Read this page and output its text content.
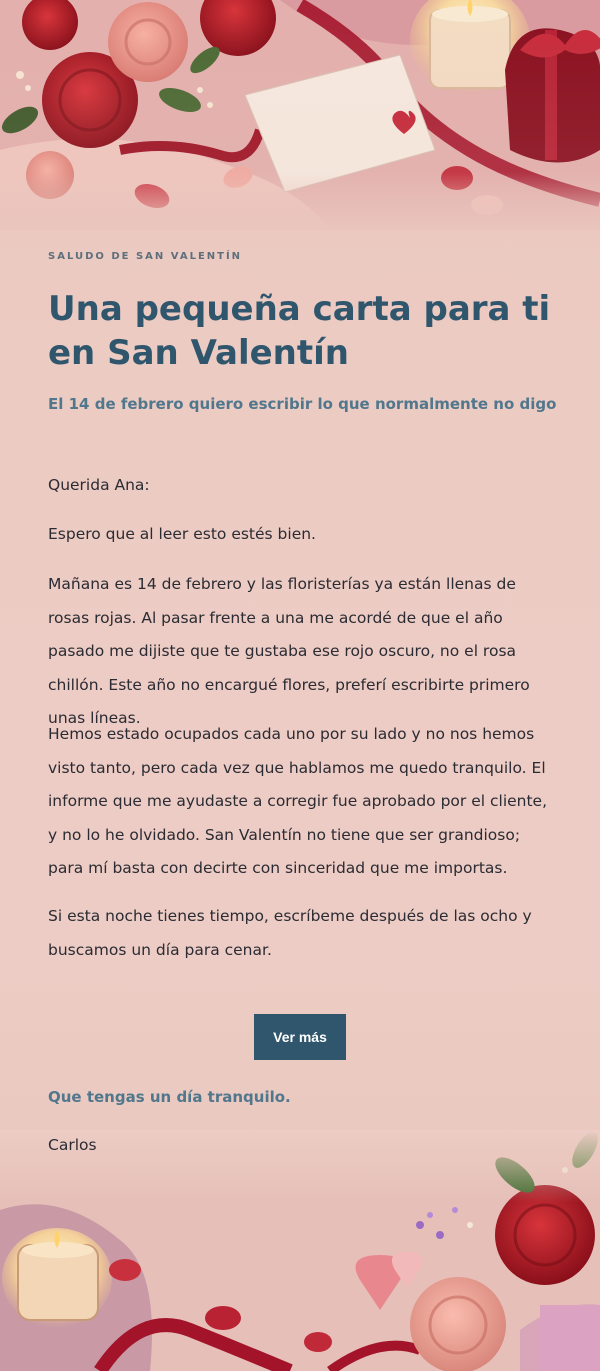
SALUDO DE SAN VALENTÍN
Una pequeña carta para ti en San Valentín
El 14 de febrero quiero escribir lo que normalmente no digo

Querida Ana:

Espero que al leer esto estés bien.

Mañana es 14 de febrero y las floristerías ya están llenas de rosas rojas. Al pasar frente a una me acordé de que el año pasado me dijiste que te gustaba ese rojo oscuro, no el rosa chillón. Este año no encargué flores, preferí escribirte primero unas líneas.

Hemos estado ocupados cada uno por su lado y no nos hemos visto tanto, pero cada vez que hablamos me quedo tranquilo. El informe que me ayudaste a corregir fue aprobado por el cliente, y no lo he olvidado. San Valentín no tiene que ser grandioso; para mí basta con decirte con sinceridad que me importas.

Si esta noche tienes tiempo, escríbeme después de las ocho y buscamos un día para cenar.

Ver más
Que tengas un día tranquilo.
Carlos
